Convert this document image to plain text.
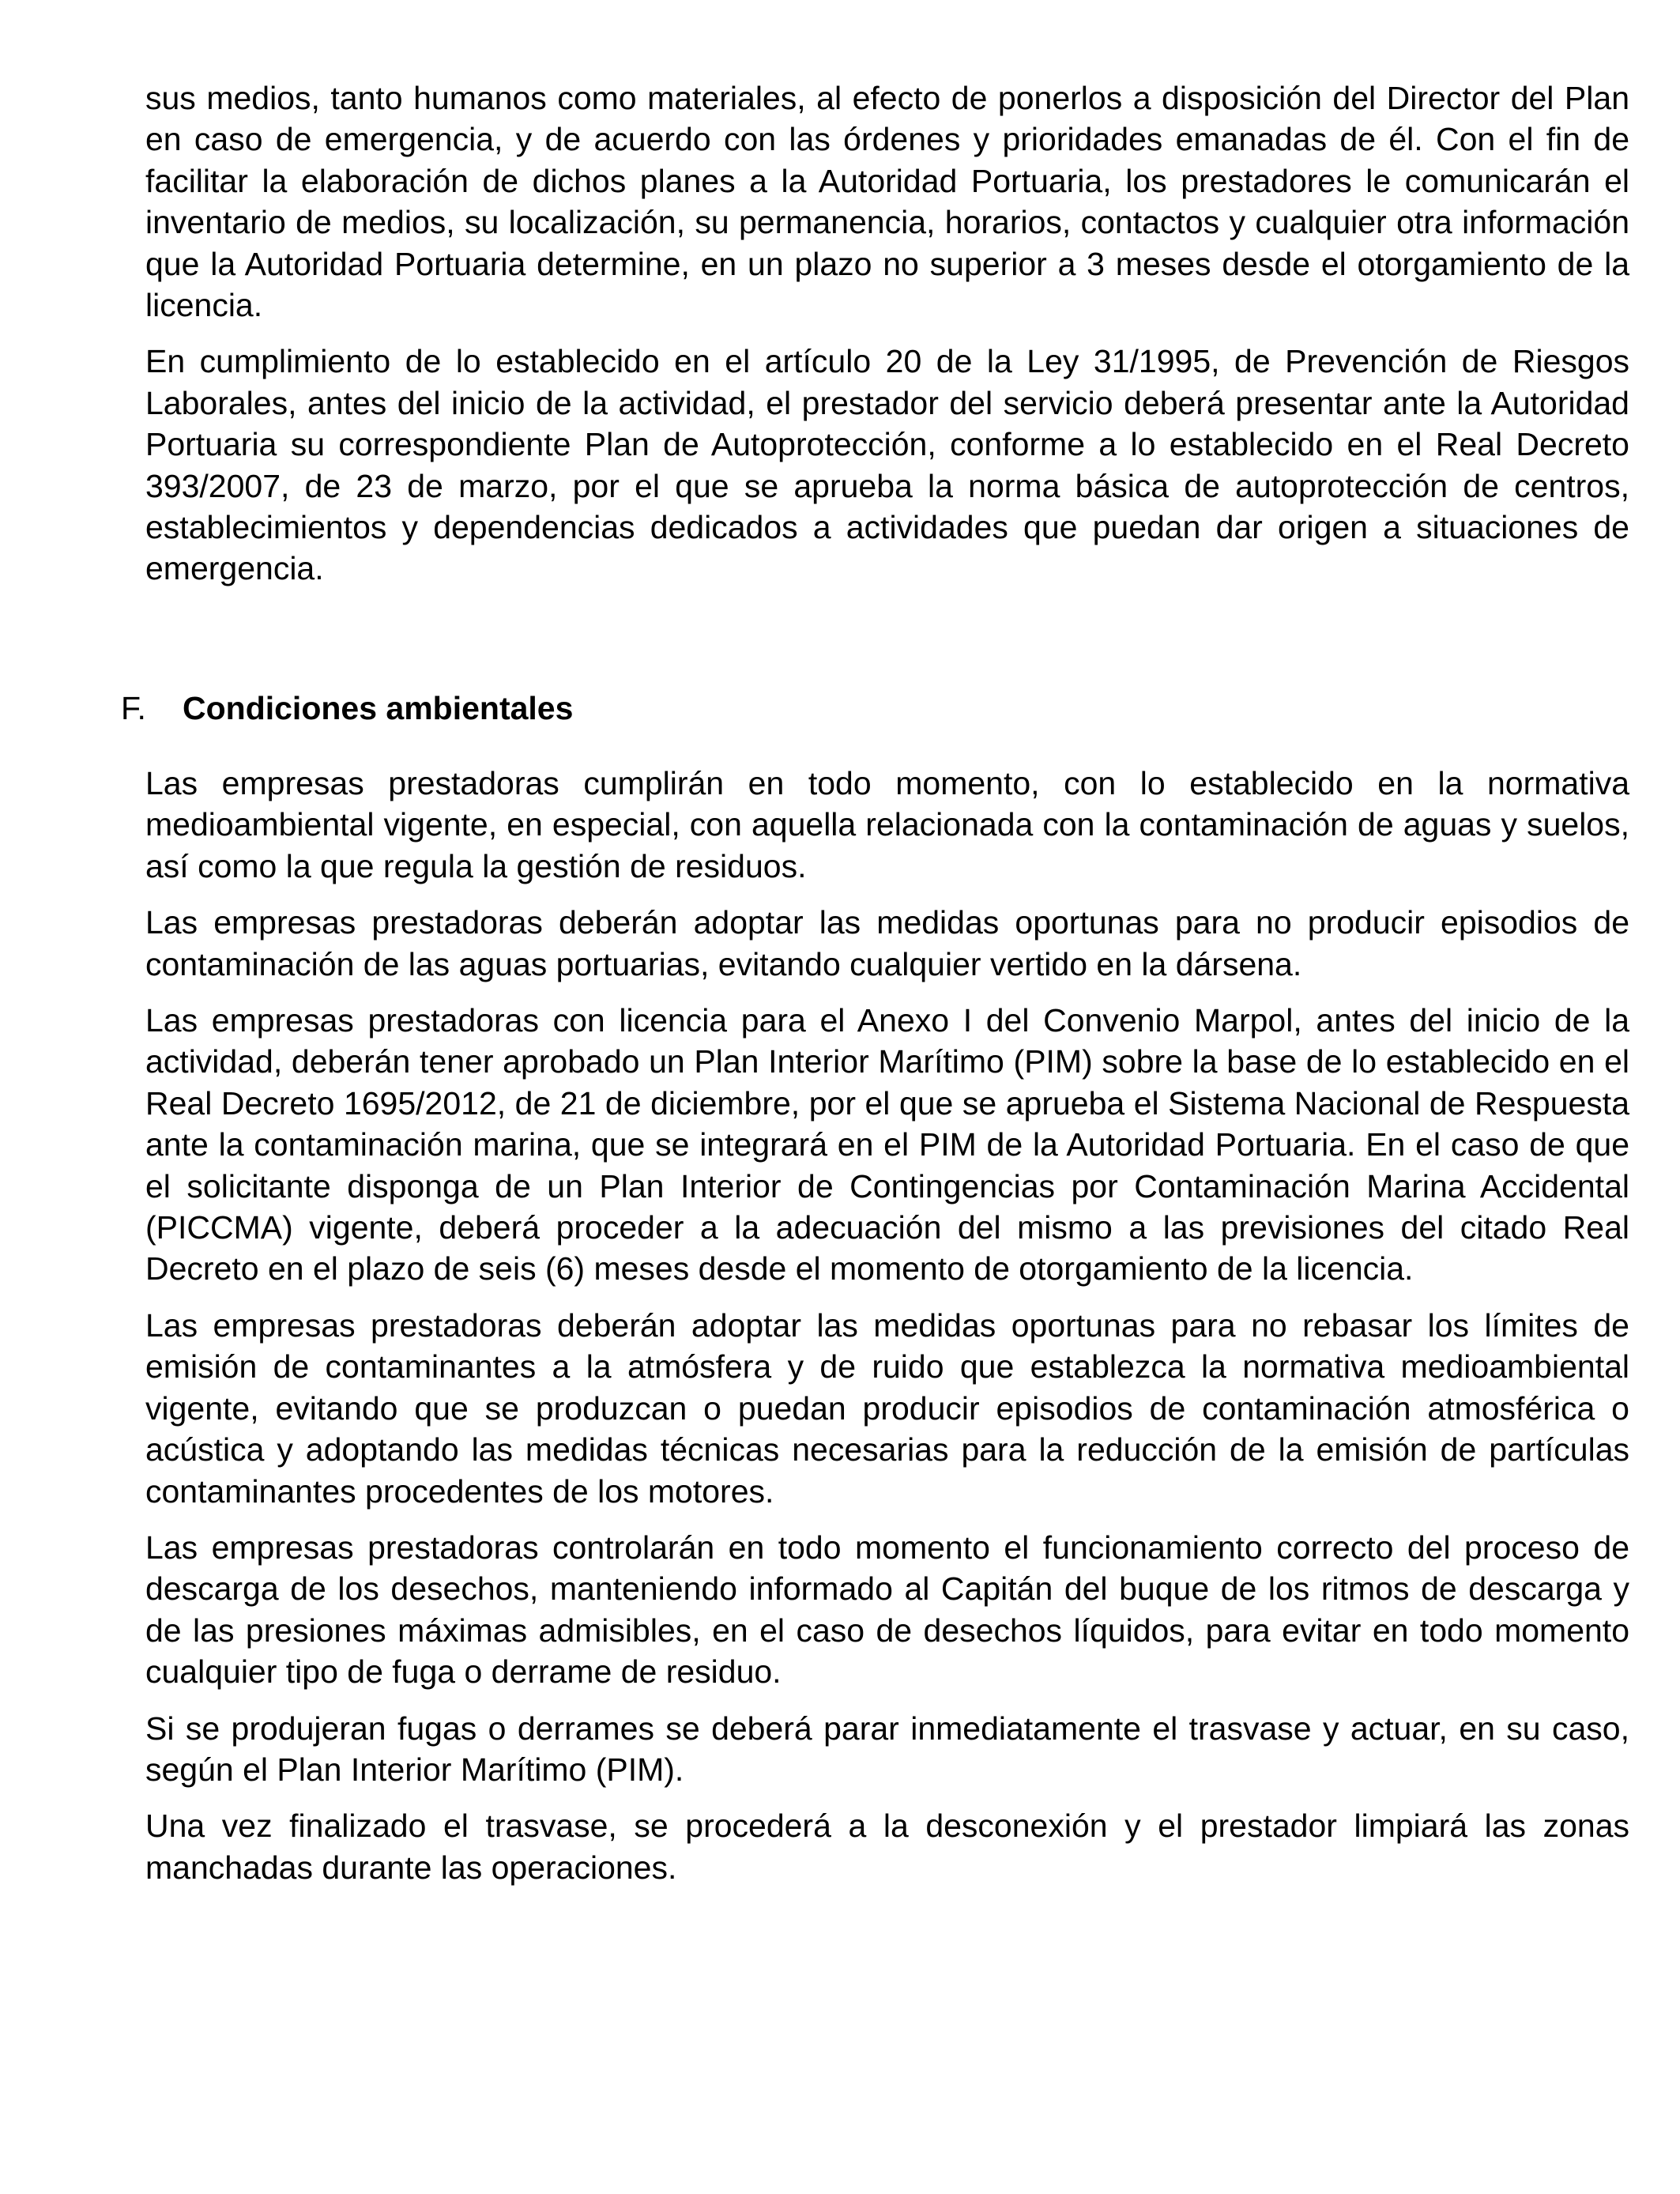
sus medios, tanto humanos como materiales, al efecto de ponerlos a disposición del Director del Plan en caso de emergencia, y de acuerdo con las órdenes y prioridades emanadas de él. Con el fin de facilitar la elaboración de dichos planes a la Autoridad Portuaria, los prestadores le comunicarán el inventario de medios, su localización, su permanencia, horarios, contactos y cualquier otra información que la Autoridad Portuaria determine, en un plazo no superior a 3 meses desde el otorgamiento de la licencia.

En cumplimiento de lo establecido en el artículo 20 de la Ley 31/1995, de Prevención de Riesgos Laborales, antes del inicio de la actividad, el prestador del servicio deberá presentar ante la Autoridad Portuaria su correspondiente Plan de Autoprotección, conforme a lo establecido en el Real Decreto 393/2007, de 23 de marzo, por el que se aprueba la norma básica de autoprotección de centros, establecimientos y dependencias dedicados a actividades que puedan dar origen a situaciones de emergencia.

F. Condiciones ambientales

Las empresas prestadoras cumplirán en todo momento, con lo establecido en la normativa medioambiental vigente, en especial, con aquella relacionada con la contaminación de aguas y suelos, así como la que regula la gestión de residuos.

Las empresas prestadoras deberán adoptar las medidas oportunas para no producir episodios de contaminación de las aguas portuarias, evitando cualquier vertido en la dársena.

Las empresas prestadoras con licencia para el Anexo I del Convenio Marpol, antes del inicio de la actividad, deberán tener aprobado un Plan Interior Marítimo (PIM) sobre la base de lo establecido en el Real Decreto 1695/2012, de 21 de diciembre, por el que se aprueba el Sistema Nacional de Respuesta ante la contaminación marina, que se integrará en el PIM de la Autoridad Portuaria. En el caso de que el solicitante disponga de un Plan Interior de Contingencias por Contaminación Marina Accidental (PICCMA) vigente, deberá proceder a la adecuación del mismo a las previsiones del citado Real Decreto en el plazo de seis (6) meses desde el momento de otorgamiento de la licencia.

Las empresas prestadoras deberán adoptar las medidas oportunas para no rebasar los límites de emisión de contaminantes a la atmósfera y de ruido que establezca la normativa medioambiental vigente, evitando que se produzcan o puedan producir episodios de contaminación atmosférica o acústica y adoptando las medidas técnicas necesarias para la reducción de la emisión de partículas contaminantes procedentes de los motores.

Las empresas prestadoras controlarán en todo momento el funcionamiento correcto del proceso de descarga de los desechos, manteniendo informado al Capitán del buque de los ritmos de descarga y de las presiones máximas admisibles, en el caso de desechos líquidos, para evitar en todo momento cualquier tipo de fuga o derrame de residuo.

Si se produjeran fugas o derrames se deberá parar inmediatamente el trasvase y actuar, en su caso, según el Plan Interior Marítimo (PIM).

Una vez finalizado el trasvase, se procederá a la desconexión y el prestador limpiará las zonas manchadas durante las operaciones.
